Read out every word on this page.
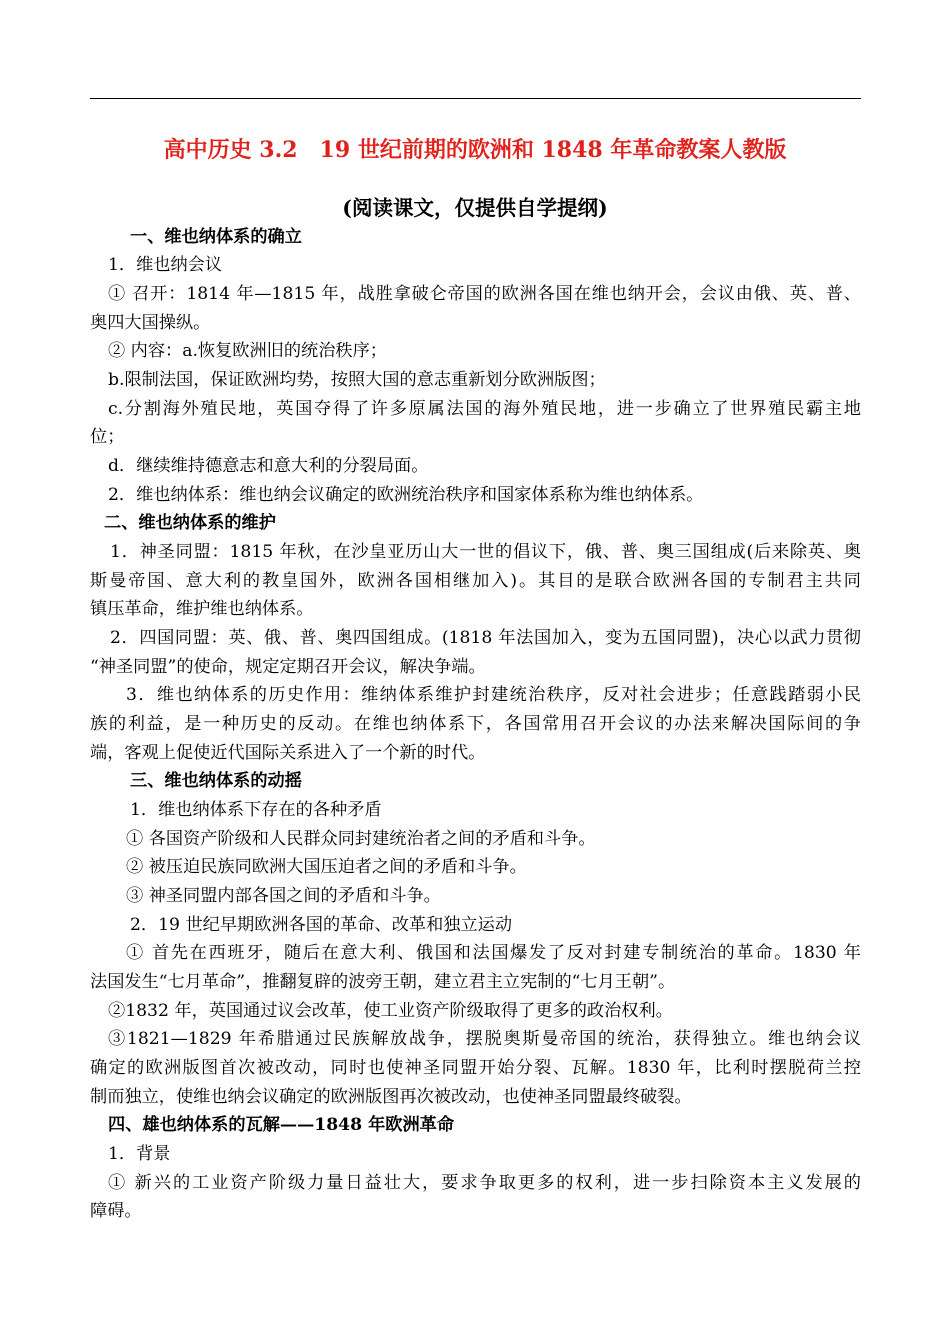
高中历史 3.2　19 世纪前期的欧洲和 1848 年革命教案人教版
(阅读课文，仅提供自学提纲)
一、维也纳体系的确立
1．维也纳会议
① 召开：1814 年—1815 年，战胜拿破仑帝国的欧洲各国在维也纳开会，会议由俄、英、普、
奥四大国操纵。
② 内容：a.恢复欧洲旧的统治秩序；
b.限制法国，保证欧洲均势，按照大国的意志重新划分欧洲版图；
c.分割海外殖民地，英国夺得了许多原属法国的海外殖民地，进一步确立了世界殖民霸主地
位；
d．继续维持德意志和意大利的分裂局面。
2．维也纳体系：维也纳会议确定的欧洲统治秩序和国家体系称为维也纳体系。
二、维也纳体系的维护
1．神圣同盟：1815 年秋，在沙皇亚历山大一世的倡议下，俄、普、奥三国组成(后来除英、奥
斯曼帝国、意大利的教皇国外，欧洲各国相继加入)。其目的是联合欧洲各国的专制君主共同
镇压革命，维护维也纳体系。
2．四国同盟：英、俄、普、奥四国组成。(1818 年法国加入，变为五国同盟)，决心以武力贯彻
“神圣同盟”的使命，规定定期召开会议，解决争端。
3．维也纳体系的历史作用：维纳体系维护封建统治秩序，反对社会进步；任意践踏弱小民
族的利益，是一种历史的反动。在维也纳体系下，各国常用召开会议的办法来解决国际间的争
端，客观上促使近代国际关系进入了一个新的时代。
三、维也纳体系的动摇
1．维也纳体系下存在的各种矛盾
① 各国资产阶级和人民群众同封建统治者之间的矛盾和斗争。
② 被压迫民族同欧洲大国压迫者之间的矛盾和斗争。
③ 神圣同盟内部各国之间的矛盾和斗争。
2．19 世纪早期欧洲各国的革命、改革和独立运动
① 首先在西班牙，随后在意大利、俄国和法国爆发了反对封建专制统治的革命。1830 年
法国发生“七月革命”，推翻复辟的波旁王朝，建立君主立宪制的“七月王朝”。
②1832 年，英国通过议会改革，使工业资产阶级取得了更多的政治权利。
③1821—1829 年希腊通过民族解放战争，摆脱奥斯曼帝国的统治，获得独立。维也纳会议
确定的欧洲版图首次被改动，同时也使神圣同盟开始分裂、瓦解。1830 年，比利时摆脱荷兰控
制而独立，使维也纳会议确定的欧洲版图再次被改动，也使神圣同盟最终破裂。
四、雄也纳体系的瓦解——1848 年欧洲革命
1．背景
① 新兴的工业资产阶级力量日益壮大，要求争取更多的权利，进一步扫除资本主义发展的
障碍。
